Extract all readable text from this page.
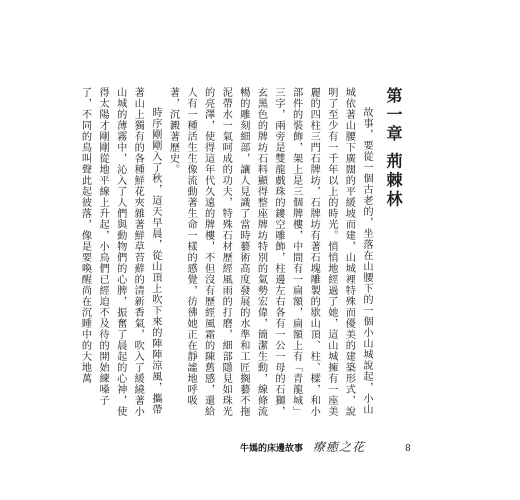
第一章 荊棘林

故事，要從一個古老的，坐落在山腰下的一個小山城說起，小山城依著山腰下廣闊的平緩坡而建，山城裡特殊而優美的建築形式，說明了至少有一千年以上的時光。悄悄地經過了她，這山城擁有一座美麗的四柱三門石牌坊，石牌坊有著石塊雕製的歇山頂、柱、樑，和小部件的裝飾，架上是三個牌樓，中間有一扁額，扁額上有「青龍城」三字，兩旁是雙龍戲珠的鏤空雕飾，柱邊左右各有一公一母的石獅，玄黑色的牌坊石料顯得整座牌坊特別的氣勢宏偉，簡潔生動，線條流暢的雕刻細部，讓人見識了當時藝術高度發展的水準和工匠搁藝不拖泥帶水一氣呵成的功夫，特殊石材歷經風雨的打磨，細部隱見如珠光的亮澤，使得這年代久遠的牌樓，不但沒有歷經風霜的陳舊感，還給人有一種活生生像流動著生命一樣的感覺，彷彿她正在靜謐地呼吸著，沉澱著歷史。

時序剛剛入了秋，這天早晨，從山頂上吹下來的陣陣涼風，攜帶著山上獨有的各種鮮花夾雜著鮮草苔蘚的清新香氣，吹入了緩繞著小山城的薄霧中，沁入了人們與動物們的心脾，振奮了晨起的心神，使得太陽才剛剛從地平線上升起，小鳥們已經迫不及待的開始練嗓子了，不同的鳥叫聲此起彼落，像是要喚醒尚在沉睡中的大地萬

牛媽的床邊故事 療癒之花	8
